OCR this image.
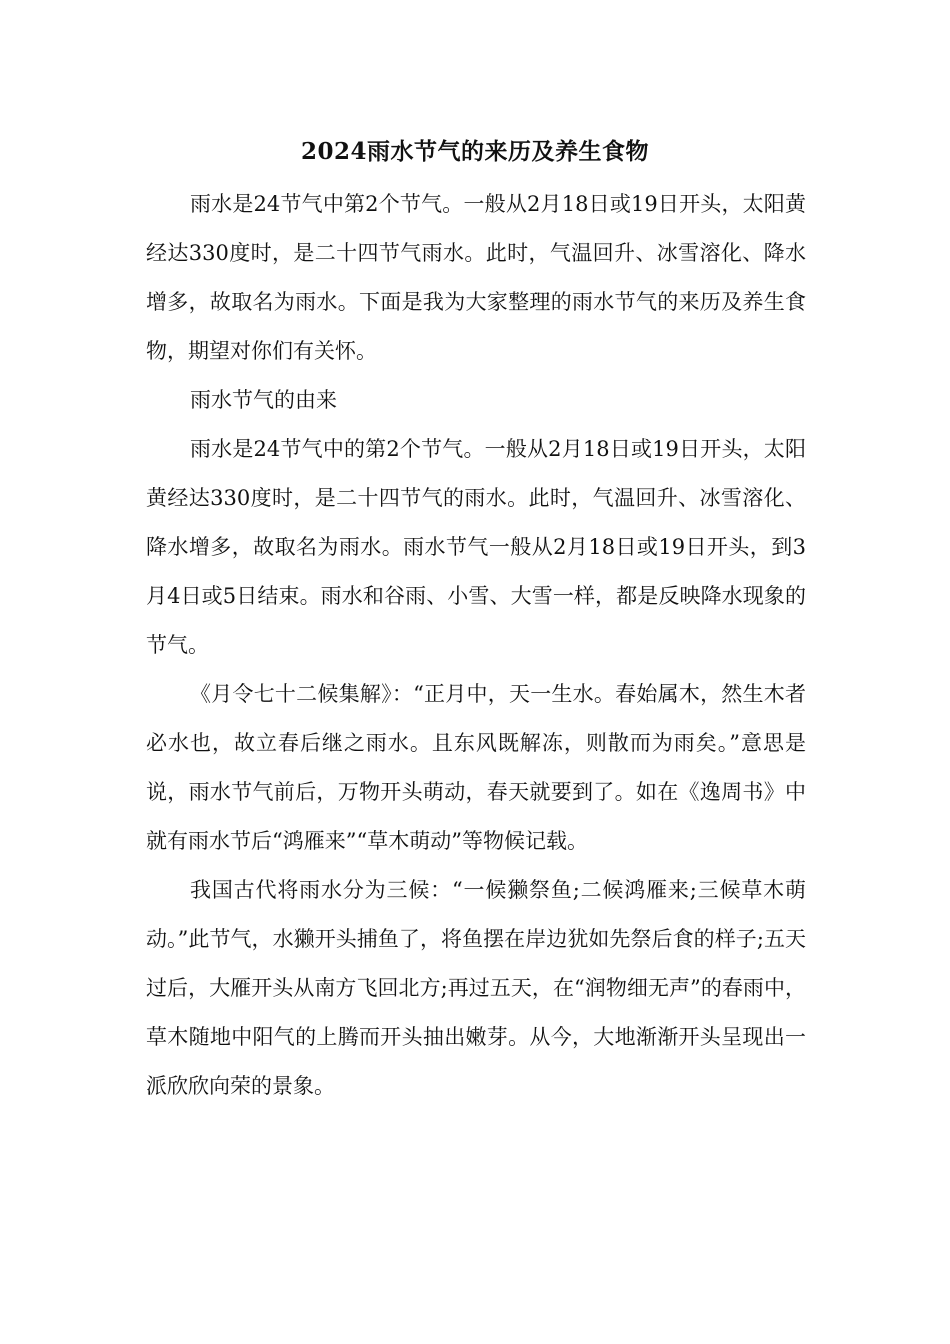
2024雨水节气的来历及养生食物

雨水是24节气中第2个节气。一般从2月18日或19日开头，太阳黄经达330度时，是二十四节气雨水。此时，气温回升、冰雪溶化、降水增多，故取名为雨水。下面是我为大家整理的雨水节气的来历及养生食物，期望对你们有关怀。

雨水节气的由来

雨水是24节气中的第2个节气。一般从2月18日或19日开头，太阳黄经达330度时，是二十四节气的雨水。此时，气温回升、冰雪溶化、降水增多，故取名为雨水。雨水节气一般从2月18日或19日开头，到3月4日或5日结束。雨水和谷雨、小雪、大雪一样，都是反映降水现象的节气。

《月令七十二候集解》：“正月中，天一生水。春始属木，然生木者必水也，故立春后继之雨水。且东风既解冻，则散而为雨矣。”意思是说，雨水节气前后，万物开头萌动，春天就要到了。如在《逸周书》中就有雨水节后“鸿雁来”“草木萌动”等物候记载。

我国古代将雨水分为三候：“一候獭祭鱼;二候鸿雁来;三候草木萌动。”此节气，水獭开头捕鱼了，将鱼摆在岸边犹如先祭后食的样子;五天过后，大雁开头从南方飞回北方;再过五天，在“润物细无声”的春雨中，草木随地中阳气的上腾而开头抽出嫩芽。从今，大地渐渐开头呈现出一派欣欣向荣的景象。
